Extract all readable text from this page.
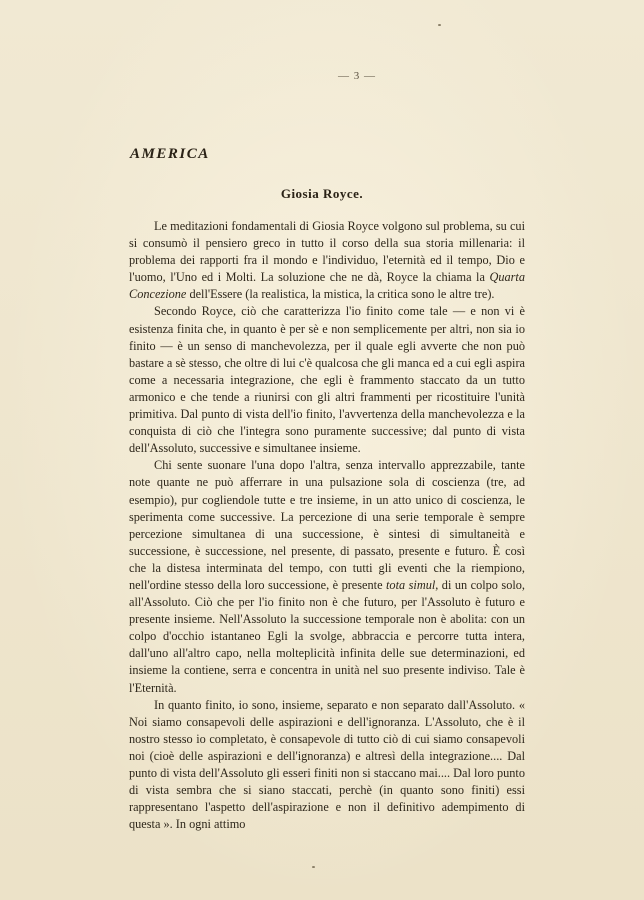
— 3 —
AMERICA
Giosia Royce.

Le meditazioni fondamentali di Giosia Royce volgono sul problema, su cui si consumò il pensiero greco in tutto il corso della sua storia millenaria: il problema dei rapporti fra il mondo e l'individuo, l'eternità ed il tempo, Dio e l'uomo, l'Uno ed i Molti. La soluzione che ne dà, Royce la chiama la Quarta Concezione dell'Essere (la realistica, la mistica, la critica sono le altre tre).

Secondo Royce, ciò che caratterizza l'io finito come tale — e non vi è esistenza finita che, in quanto è per sè e non semplicemente per altri, non sia io finito — è un senso di manchevolezza, per il quale egli avverte che non può bastare a sè stesso, che oltre di lui c'è qualcosa che gli manca ed a cui egli aspira come a necessaria integrazione, che egli è frammento staccato da un tutto armonico e che tende a riunirsi con gli altri frammenti per ricostituire l'unità primitiva. Dal punto di vista dell'io finito, l'avvertenza della manchevolezza e la conquista di ciò che l'integra sono puramente successive; dal punto di vista dell'Assoluto, successive e simultanee insieme.

Chi sente suonare l'una dopo l'altra, senza intervallo apprezzabile, tante note quante ne può afferrare in una pulsazione sola di coscienza (tre, ad esempio), pur cogliendole tutte e tre insieme, in un atto unico di coscienza, le sperimenta come successive. La percezione di una serie temporale è sempre percezione simultanea di una successione, è sintesi di simultaneità e successione, è successione, nel presente, di passato, presente e futuro. È così che la distesa interminata del tempo, con tutti gli eventi che la riempiono, nell'ordine stesso della loro successione, è presente tota simul, di un colpo solo, all'Assoluto. Ciò che per l'io finito non è che futuro, per l'Assoluto è futuro e presente insieme. Nell'Assoluto la successione temporale non è abolita: con un colpo d'occhio istantaneo Egli la svolge, abbraccia e percorre tutta intera, dall'uno all'altro capo, nella molteplicità infinita delle sue determinazioni, ed insieme la contiene, serra e concentra in unità nel suo presente indiviso. Tale è l'Eternità.

In quanto finito, io sono, insieme, separato e non separato dall'Assoluto. « Noi siamo consapevoli delle aspirazioni e dell'ignoranza. L'Assoluto, che è il nostro stesso io completato, è consapevole di tutto ciò di cui siamo consapevoli noi (cioè delle aspirazioni e dell'ignoranza) e altresì della integrazione.... Dal punto di vista dell'Assoluto gli esseri finiti non si staccano mai.... Dal loro punto di vista sembra che si siano staccati, perchè (in quanto sono finiti) essi rappresentano l'aspetto dell'aspirazione e non il definitivo adempimento di questa ». In ogni attimo
